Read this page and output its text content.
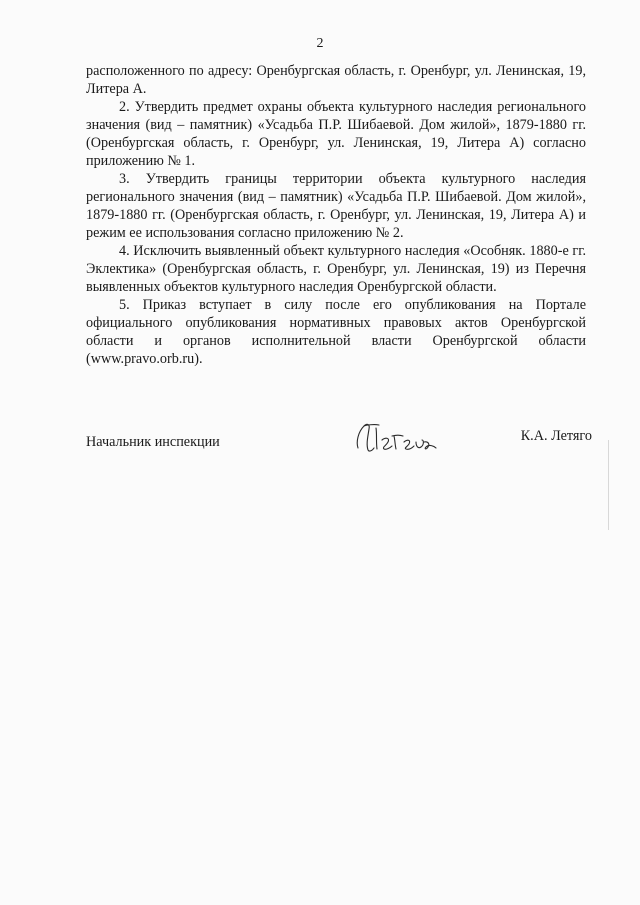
2

расположенного по адресу: Оренбургская область, г. Оренбург, ул. Ленинская, 19, Литера А.

2. Утвердить предмет охраны объекта культурного наследия регионального значения (вид – памятник) «Усадьба П.Р. Шибаевой. Дом жилой», 1879-1880 гг. (Оренбургская область, г. Оренбург, ул. Ленинская, 19, Литера А) согласно приложению № 1.

3. Утвердить границы территории объекта культурного наследия регионального значения (вид – памятник) «Усадьба П.Р. Шибаевой. Дом жилой», 1879-1880 гг. (Оренбургская область, г. Оренбург, ул. Ленинская, 19, Литера А) и режим ее использования согласно приложению № 2.

4. Исключить выявленный объект культурного наследия «Особняк. 1880-е гг. Эклектика» (Оренбургская область, г. Оренбург, ул. Ленинская, 19) из Перечня выявленных объектов культурного наследия Оренбургской области.

5. Приказ вступает в силу после его опубликования на Портале официального опубликования нормативных правовых актов Оренбургской области и органов исполнительной власти Оренбургской области (www.pravo.orb.ru).

Начальник инспекции	К.А. Летяго
